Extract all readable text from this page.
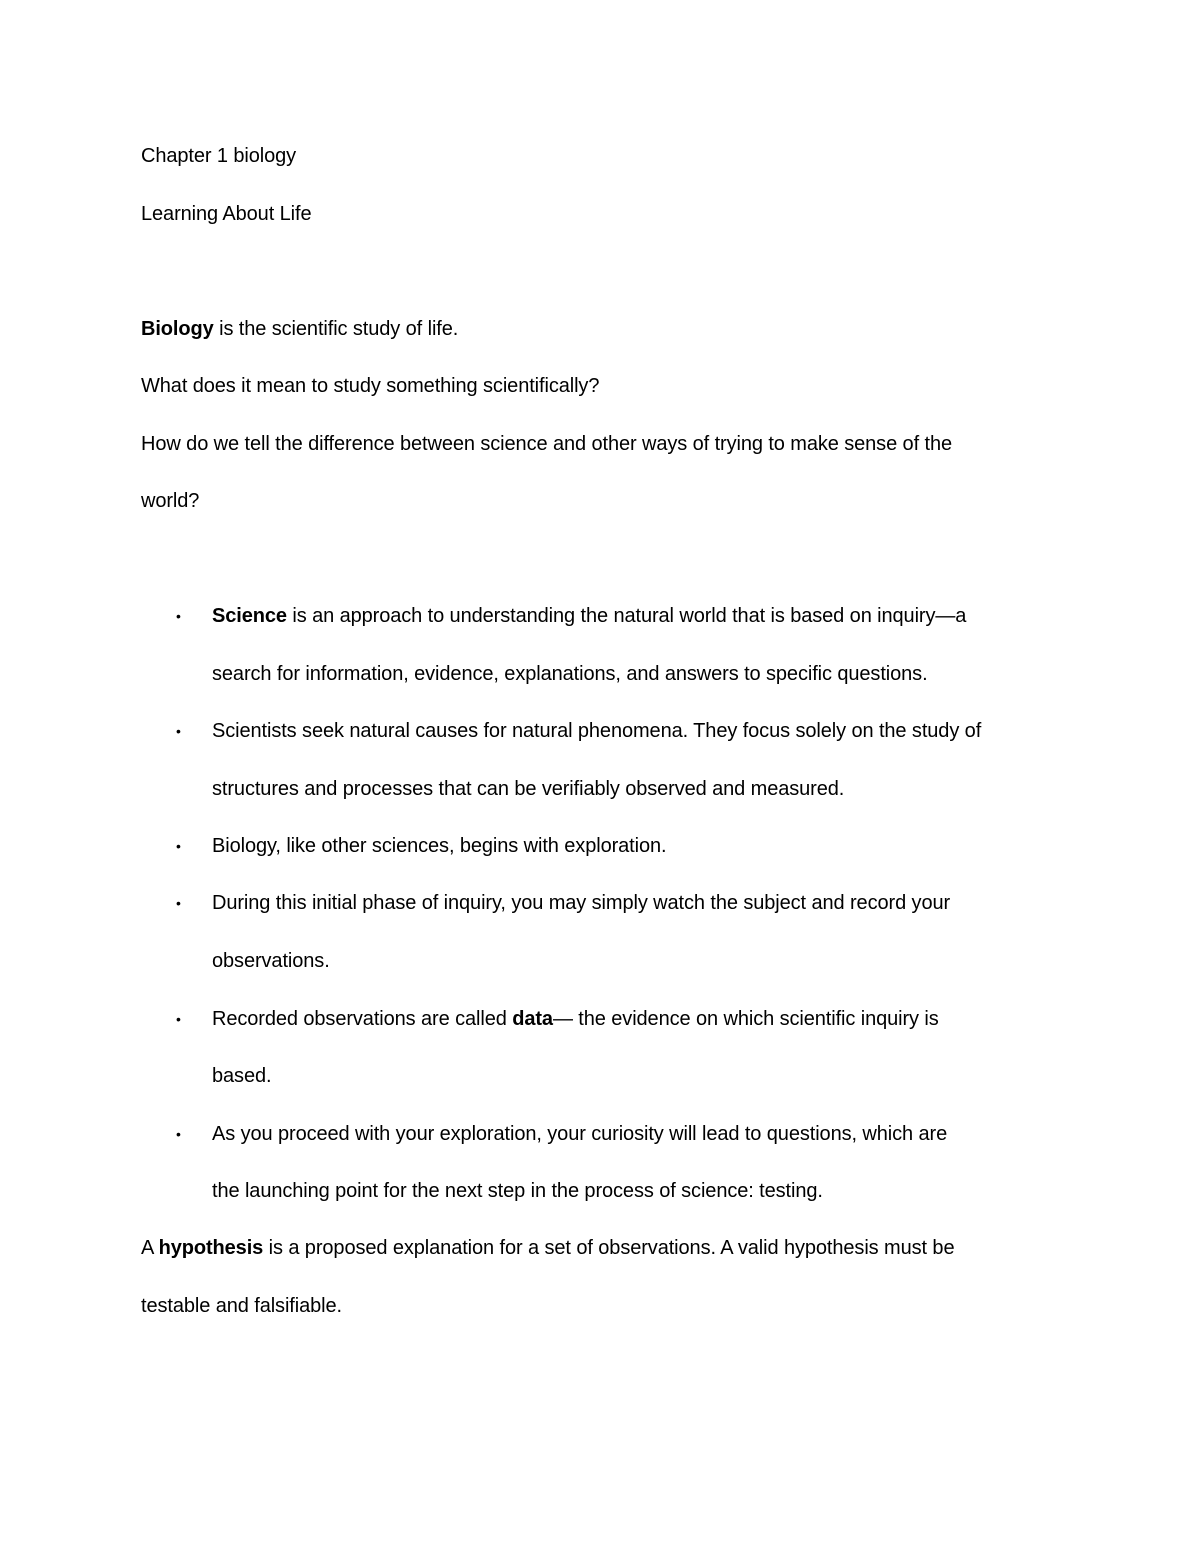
Chapter 1 biology
Learning About Life
Biology is the scientific study of life.
What does it mean to study something scientifically?
How do we tell the difference between science and other ways of trying to make sense of the
world?
• Science is an approach to understanding the natural world that is based on inquiry—a
search for information, evidence, explanations, and answers to specific questions.
• Scientists seek natural causes for natural phenomena. They focus solely on the study of
structures and processes that can be verifiably observed and measured.
• Biology, like other sciences, begins with exploration.
• During this initial phase of inquiry, you may simply watch the subject and record your
observations.
• Recorded observations are called data— the evidence on which scientific inquiry is
based.
• As you proceed with your exploration, your curiosity will lead to questions, which are
the launching point for the next step in the process of science: testing.
A hypothesis is a proposed explanation for a set of observations. A valid hypothesis must be
testable and falsifiable.
